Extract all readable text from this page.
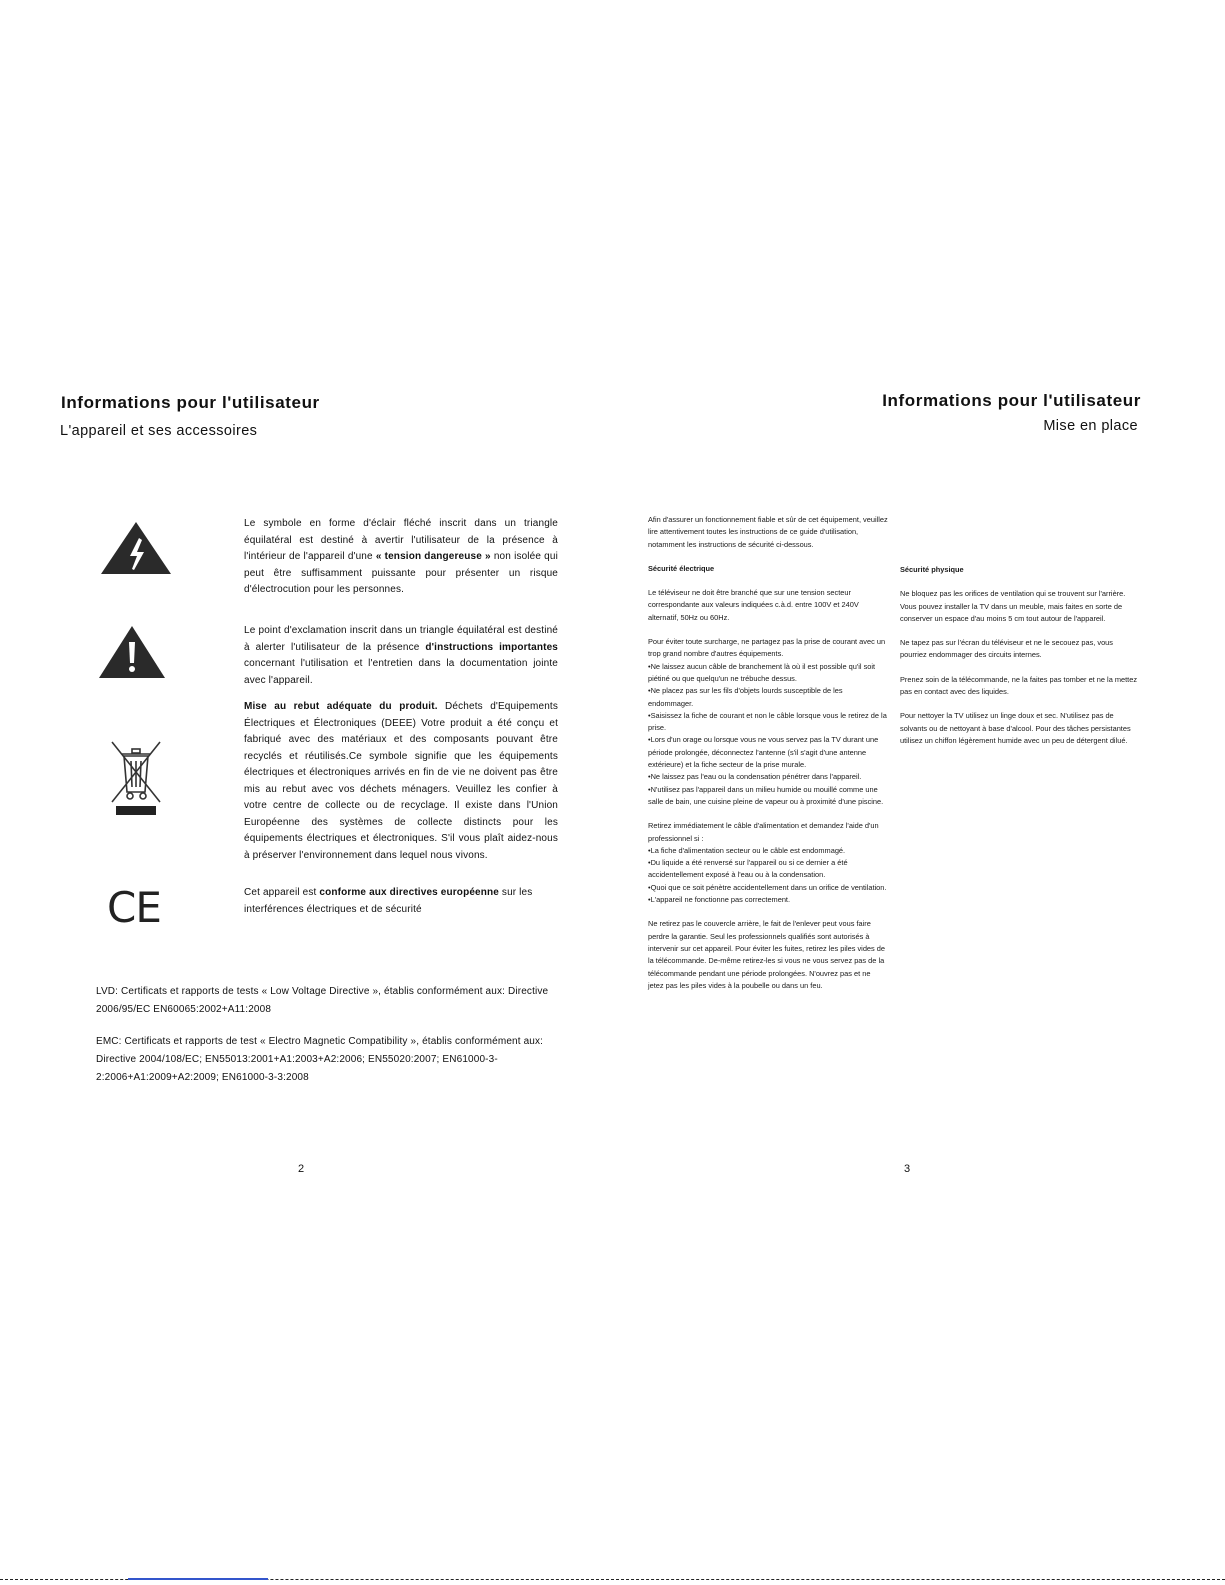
Informations pour l'utilisateur

L'appareil et ses accessoires

Le symbole en forme d'éclair fléché inscrit dans un triangle équilatéral est destiné à avertir l'utilisateur de la présence à l'intérieur de l'appareil d'une « tension dangereuse » non isolée qui peut être suffisamment puissante pour présenter un risque d'électrocution pour les personnes.

Le point d'exclamation inscrit dans un triangle équilatéral est destiné à alerter l'utilisateur de la présence d'instructions importantes concernant l'utilisation et l'entretien dans la documentation jointe avec l'appareil.

Mise au rebut adéquate du produit. Déchets d'Equipements Électriques et Électroniques (DEEE) Votre produit a été conçu et fabriqué avec des matériaux et des composants pouvant être recyclés et réutilisés.Ce symbole signifie que les équipements électriques et électroniques arrivés en fin de vie ne doivent pas être mis au rebut avec vos déchets ménagers. Veuillez les confier à votre centre de collecte ou de recyclage. Il existe dans l'Union Européenne des systèmes de collecte distincts pour les équipements électriques et électroniques. S'il vous plaît aidez-nous à préserver l'environnement dans lequel nous vivons.

CE	Cet appareil est conforme aux directives européenne sur les interférences électriques et de sécurité

LVD: Certificats et rapports de tests « Low Voltage Directive », établis conformément aux: Directive 2006/95/EC EN60065:2002+A11:2008

EMC: Certificats et rapports de test « Electro Magnetic Compatibility », établis conformément aux: Directive 2004/108/EC; EN55013:2001+A1:2003+A2:2006; EN55020:2007; EN61000-3-2:2006+A1:2009+A2:2009; EN61000-3-3:2008

2
Informations pour l'utilisateur

Mise en place

Afin d'assurer un fonctionnement fiable et sûr de cet équipement, veuillez lire attentivement toutes les instructions de ce guide d'utilisation, notamment les instructions de sécurité ci-dessous.

Sécurité électrique

Le téléviseur ne doit être branché que sur une tension secteur correspondante aux valeurs indiquées c.à.d. entre 100V et 240V alternatif, 50Hz ou 60Hz.

Pour éviter toute surcharge, ne partagez pas la prise de courant avec un trop grand nombre d'autres équipements.

•Ne laissez aucun câble de branchement là où il est possible qu'il soit piétiné ou que quelqu'un ne trébuche dessus.

•Ne placez pas sur les fils d'objets lourds susceptible de les endommager.

•Saisissez la fiche de courant et non le câble lorsque vous le retirez de la prise.

•Lors d'un orage ou lorsque vous ne vous servez pas la TV durant une période prolongée, déconnectez l'antenne (s'il s'agit d'une antenne extérieure) et la fiche secteur de la prise murale.

•Ne laissez pas l'eau ou la condensation pénétrer dans l'appareil.

•N'utilisez pas l'appareil dans un milieu humide ou mouillé comme une salle de bain, une cuisine pleine de vapeur ou à proximité d'une piscine.

Retirez immédiatement le câble d'alimentation et demandez l'aide d'un professionnel si :

•La fiche d'alimentation secteur ou le câble est endommagé.

•Du liquide a été renversé sur l'appareil ou si ce dernier a été accidentellement exposé à l'eau ou à la condensation.

•Quoi que ce soit pénètre accidentellement dans un orifice de ventilation.

•L'appareil ne fonctionne pas correctement.

Ne retirez pas le couvercle arrière, le fait de l'enlever peut vous faire perdre la garantie. Seul les professionnels qualifiés sont autorisés à intervenir sur cet appareil. Pour éviter les fuites, retirez les piles vides de la télécommande. De-même retirez-les si vous ne vous servez pas de la télécommande pendant une période prolongées. N'ouvrez pas et ne jetez pas les piles vides à la poubelle ou dans un feu.

Sécurité physique

Ne bloquez pas les orifices de ventilation qui se trouvent sur l'arrière. Vous pouvez installer la TV dans un meuble, mais faites en sorte de conserver un espace d'au moins 5 cm tout autour de l'appareil.

Ne tapez pas sur l'écran du téléviseur et ne le secouez pas, vous pourriez endommager des circuits internes.

Prenez soin de la télécommande, ne la faites pas tomber et ne la mettez pas en contact avec des liquides.

Pour nettoyer la TV utilisez un linge doux et sec. N'utilisez pas de solvants ou de nettoyant à base d'alcool. Pour des tâches persistantes utilisez un chiffon légèrement humide avec un peu de détergent dilué.

3
